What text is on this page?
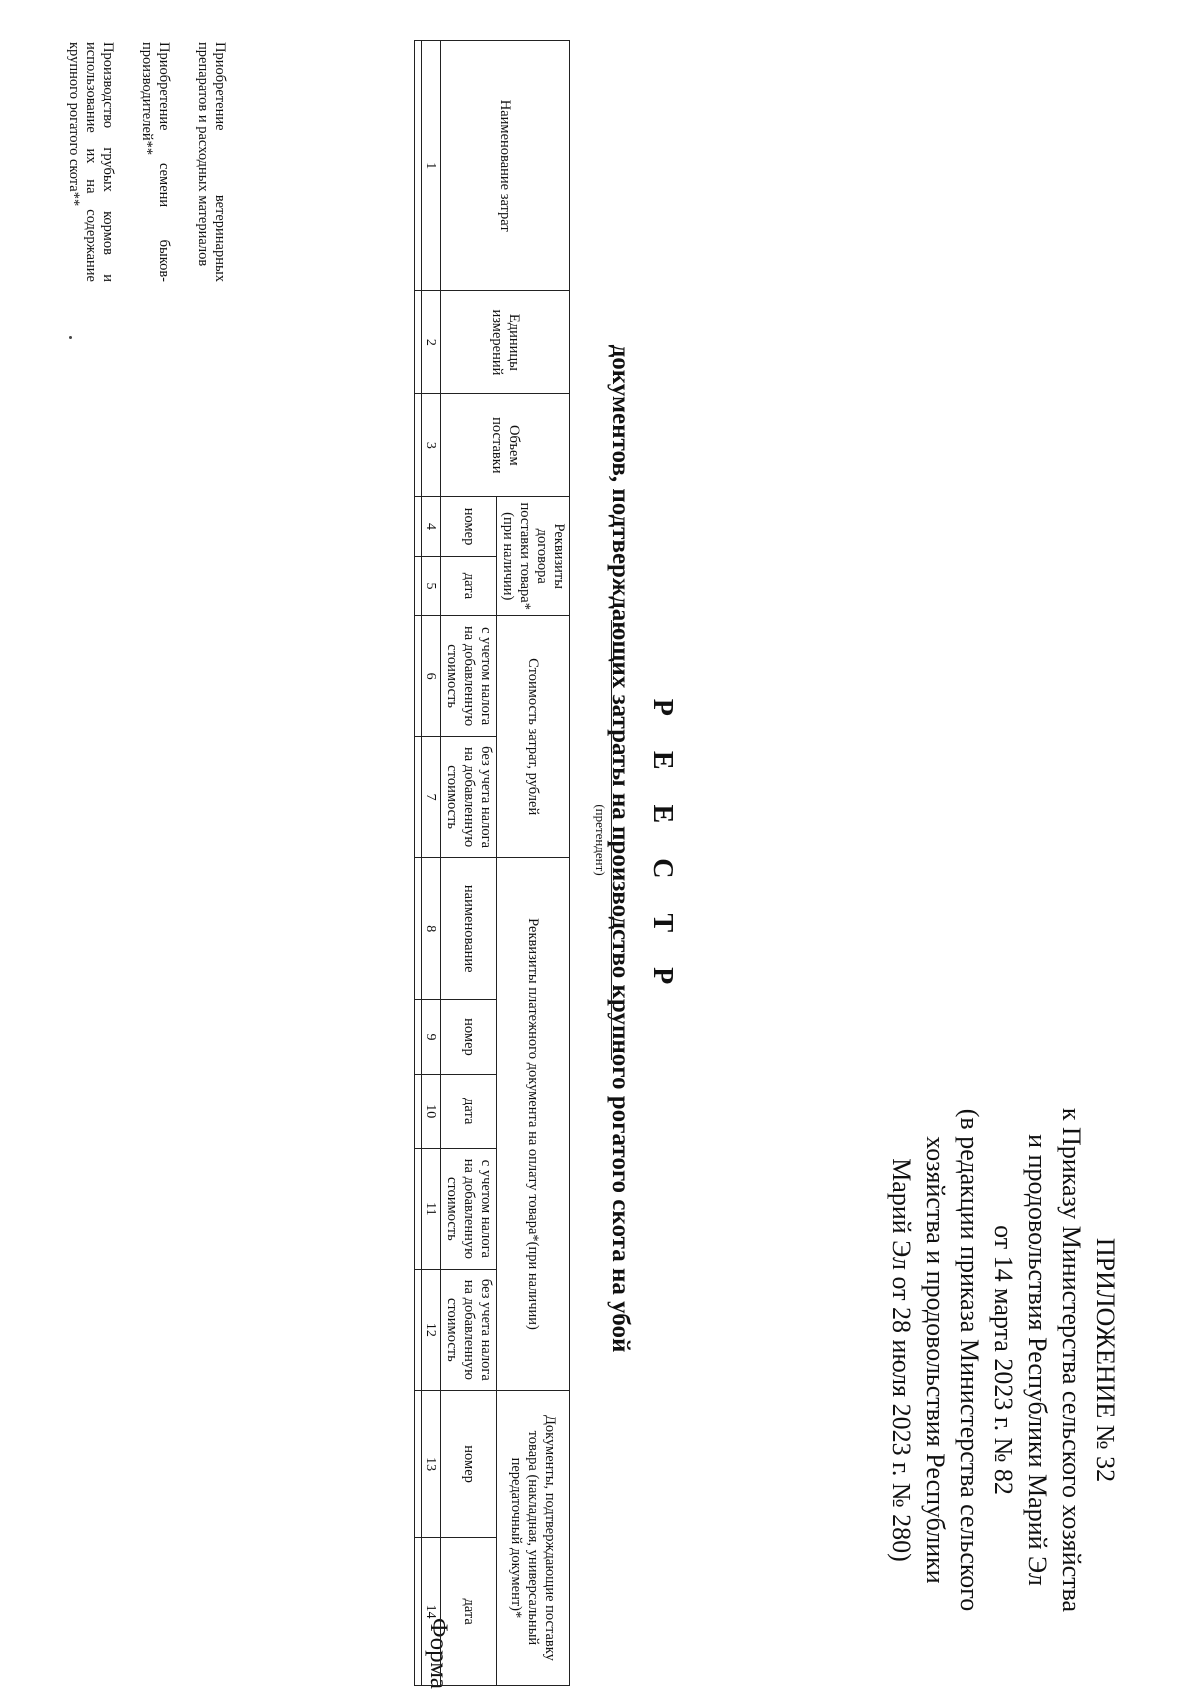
ПРИЛОЖЕНИЕ № 32
к Приказу Министерства сельского хозяйства
и продовольствия Республики Марий Эл
от 14 марта 2023 г. № 82
(в редакции приказа Министерства сельского
хозяйства и продовольствия Республики
Марий Эл от 28 июля 2023 г. № 280)
Форма
Р Е Е С Т Р
документов, подтверждающих затраты на производство крупного рогатого скота на убой
(претендент)
Наименование затрат	Единицы измерений	Объем поставки	Реквизиты договора поставки товара* (при наличии)		Стоимость затрат, рублей		Реквизиты платежного документа на оплату товара*(при наличии)					Документы, подтверждающие поставку товара (накладная, универсальный передаточный документ)*	
			номер	дата	с учетом налога на добавленную стоимость	без учета налога на добавленную стоимость	наименование	номер	дата	с учетом налога на добавленную стоимость	без учета налога на добавленную стоимость	номер	дата
1	2	3	4	5	6	7	8	9	10	11	12	13	14

Приобретение ветеринарных препаратов и расходных материалов
Приобретение семени быков-производителей**
Производство грубых кормов и использование их на содержание крупного рогатого скота**
